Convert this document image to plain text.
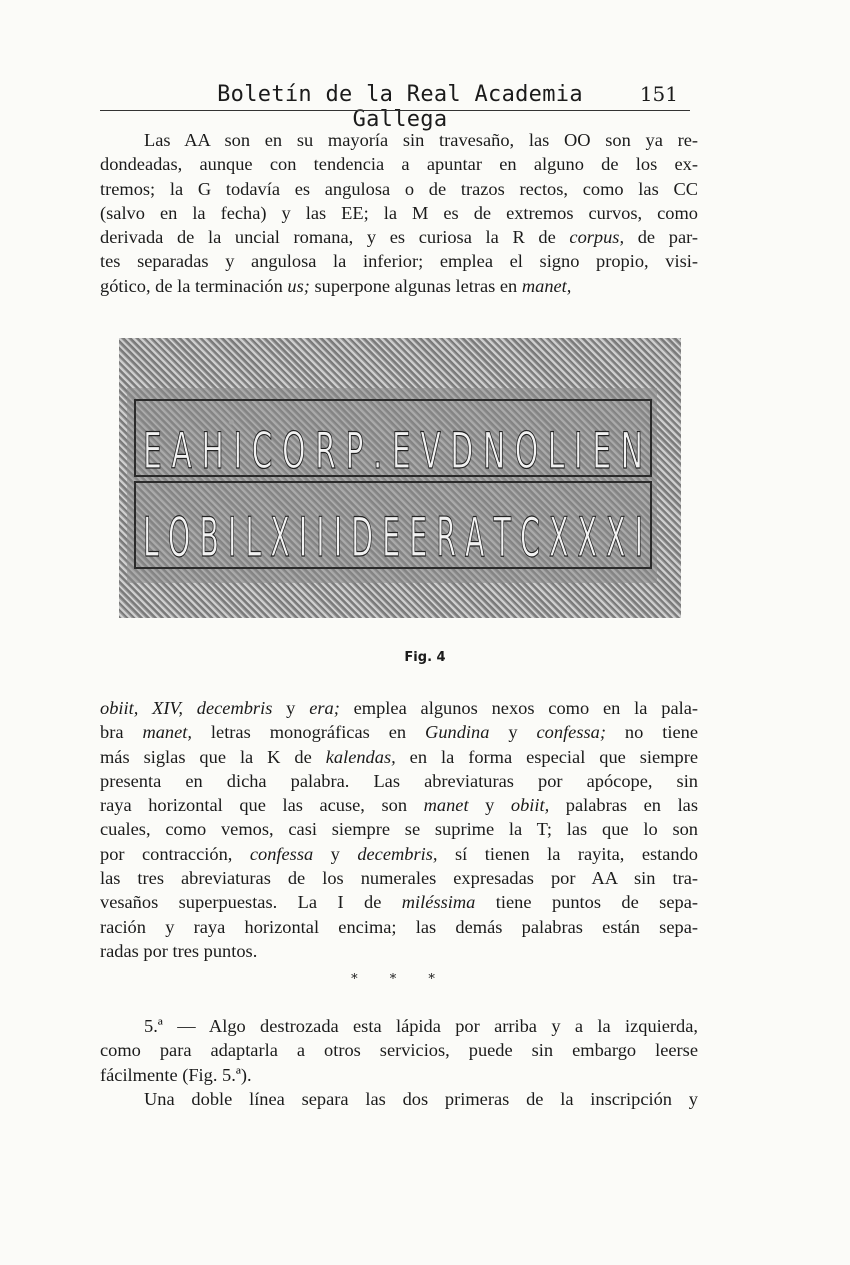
Boletín de la Real Academia Gallega
151
Las AA son en su mayoría sin travesaño, las OO son ya re-
dondeadas, aunque con tendencia a apuntar en alguno de los ex-
tremos; la G todavía es angulosa o de trazos rectos, como las CC
(salvo en la fecha) y las EE; la M es de extremos curvos, como
derivada de la uncial romana, y es curiosa la R de corpus, de par-
tes separadas y angulosa la inferior; emplea el signo propio, visi-
gótico, de la terminación us; superpone algunas letras en manet,
E A H I C O R P . E V D N O L I E N
L O B I L X I I I D E E R A T C X X X I
Fig. 4
obiit, XIV, decembris y era; emplea algunos nexos como en la pala-
bra manet, letras monográficas en Gundina y confessa; no tiene
más siglas que la K de kalendas, en la forma especial que siempre
presenta en dicha palabra. Las abreviaturas por apócope, sin
raya horizontal que las acuse, son manet y obiit, palabras en las
cuales, como vemos, casi siempre se suprime la T; las que lo son
por contracción, confessa y decembris, sí tienen la rayita, estando
las tres abreviaturas de los numerales expresadas por AA sin tra-
vesaños superpuestas. La I de miléssima tiene puntos de sepa-
ración y raya horizontal encima; las demás palabras están sepa-
radas por tres puntos.
* * *
5.ª — Algo destrozada esta lápida por arriba y a la izquierda,
como para adaptarla a otros servicios, puede sin embargo leerse
fácilmente (Fig. 5.ª).
Una doble línea separa las dos primeras de la inscripción y
